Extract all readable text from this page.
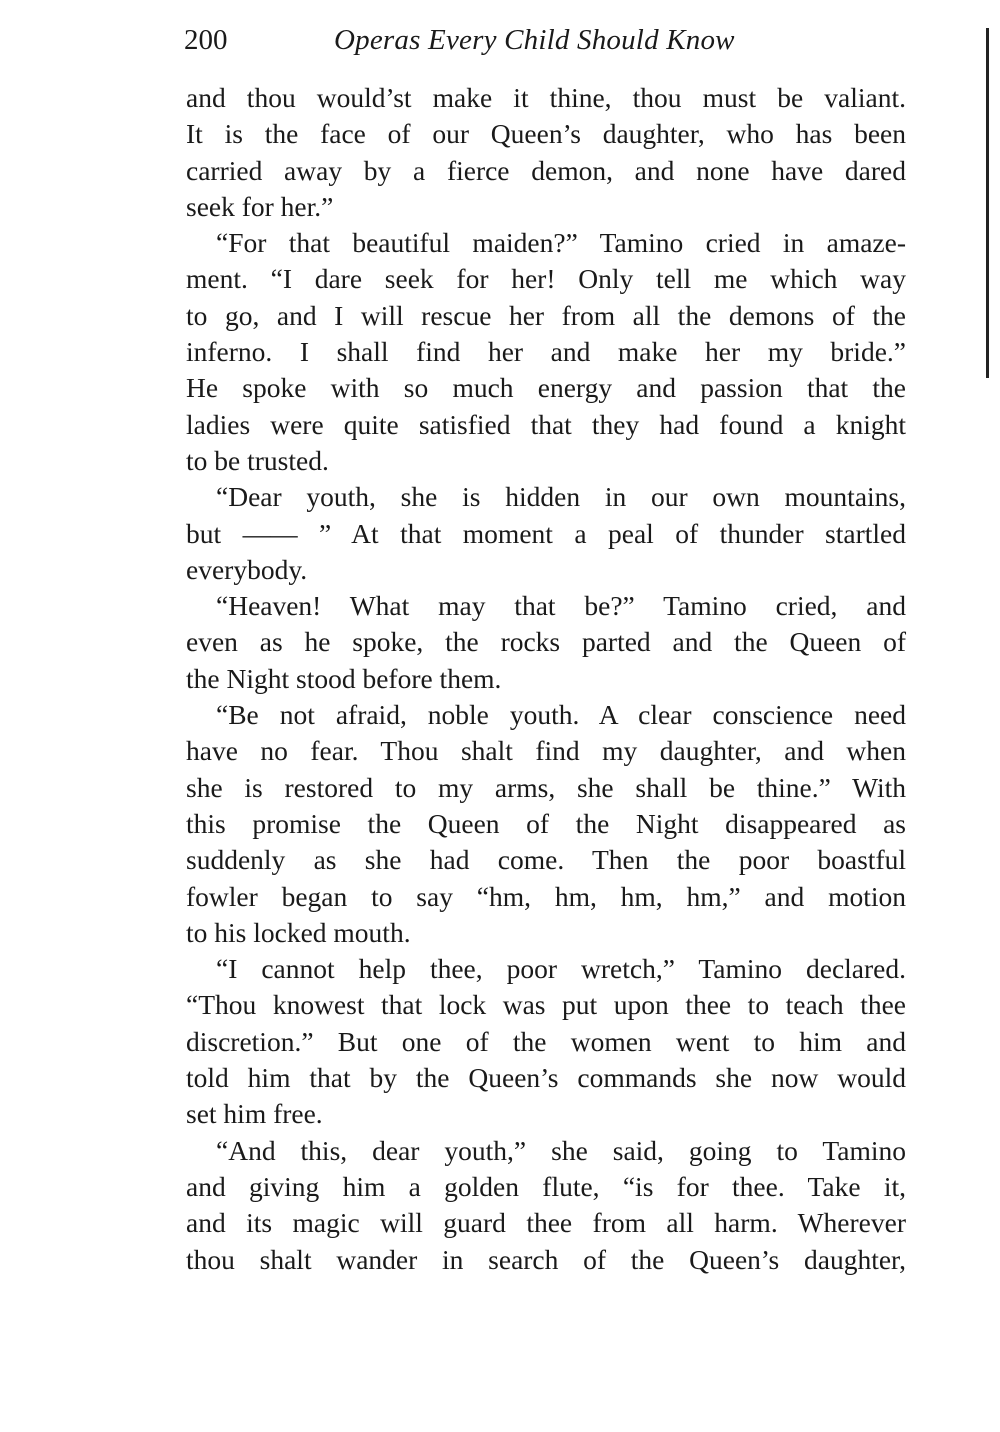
200	Operas Every Child Should Know
and thou would’st make it thine, thou must be valiant.
It is the face of our Queen’s daughter, who has been
carried away by a fierce demon, and none have dared
seek for her.”
“For that beautiful maiden?” Tamino cried in amaze-
ment. “I dare seek for her! Only tell me which way
to go, and I will rescue her from all the demons of the
inferno. I shall find her and make her my bride.”
He spoke with so much energy and passion that the
ladies were quite satisfied that they had found a knight
to be trusted.
“Dear youth, she is hidden in our own mountains,
but —— ” At that moment a peal of thunder startled
everybody.
“Heaven! What may that be?” Tamino cried, and
even as he spoke, the rocks parted and the Queen of
the Night stood before them.
“Be not afraid, noble youth. A clear conscience need
have no fear. Thou shalt find my daughter, and when
she is restored to my arms, she shall be thine.” With
this promise the Queen of the Night disappeared as
suddenly as she had come. Then the poor boastful
fowler began to say “hm, hm, hm, hm,” and motion
to his locked mouth.
“I cannot help thee, poor wretch,” Tamino declared.
“Thou knowest that lock was put upon thee to teach thee
discretion.” But one of the women went to him and
told him that by the Queen’s commands she now would
set him free.
“And this, dear youth,” she said, going to Tamino
and giving him a golden flute, “is for thee. Take it,
and its magic will guard thee from all harm. Wherever
thou shalt wander in search of the Queen’s daughter,
